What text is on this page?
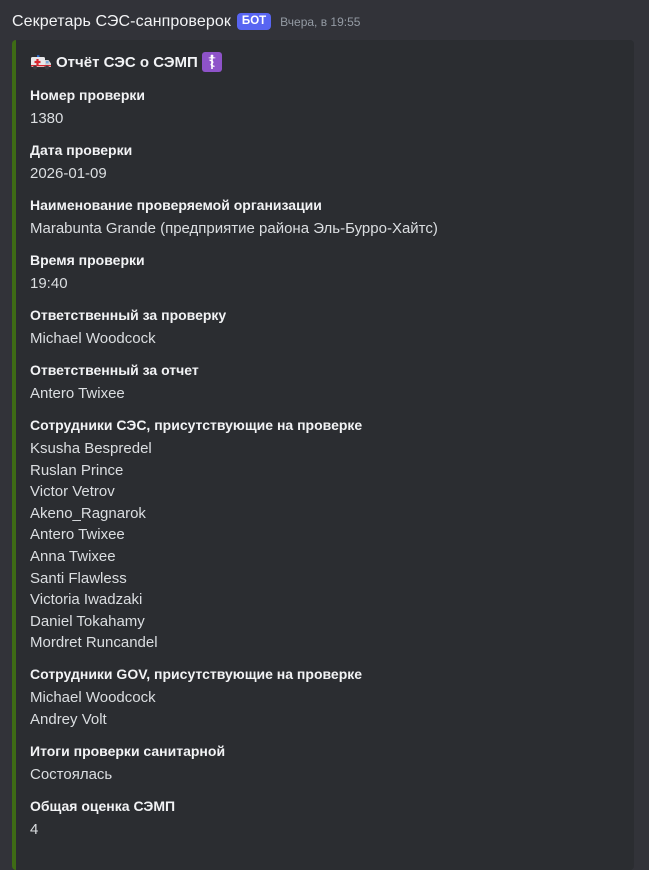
Секретарь СЭС-санпроверок БОТ	Вчера, в 19:55
Отчёт СЭС о СЭМП
Номер проверки
1380
Дата проверки
2026-01-09
Наименование проверяемой организации
Marabunta Grande (предприятие района Эль-Бурро-Хайтс)
Время проверки
19:40
Ответственный за проверку
Michael Woodcock
Ответственный за отчет
Antero Twixee
Сотрудники СЭС, присутствующие на проверке
Ksusha Bespredel
Ruslan Prince
Victor Vetrov
Akeno_Ragnarok
Antero Twixee
Anna Twixee
Santi Flawless
Victoria Iwadzaki
Daniel Tokahamy
Mordret Runcandel
Сотрудники GOV, присутствующие на проверке
Michael Woodcock
Andrey Volt
Итоги проверки санитарной
Состоялась
Общая оценка СЭМП
4
